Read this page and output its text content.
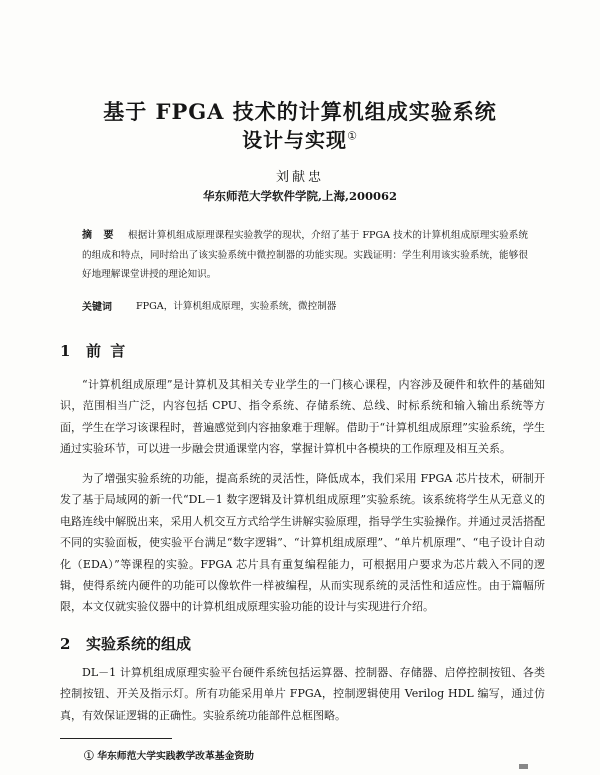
基于 FPGA 技术的计算机组成实验系统
设计与实现①
刘献忠
华东师范大学软件学院,上海,200062
摘 要	根据计算机组成原理课程实验教学的现状，介绍了基于 FPGA 技术的计算机组成原理实验系统的组成和特点，同时给出了该实验系统中微控制器的功能实现。实践证明：学生利用该实验系统，能够很好地理解课堂讲授的理论知识。
关键词	FPGA，计算机组成原理，实验系统，微控制器
1 前 言
“计算机组成原理”是计算机及其相关专业学生的一门核心课程，内容涉及硬件和软件的基础知识，范围相当广泛，内容包括 CPU、指令系统、存储系统、总线、时标系统和输入输出系统等方面，学生在学习该课程时，普遍感觉到内容抽象难于理解。借助于“计算机组成原理”实验系统，学生通过实验环节，可以进一步融会贯通课堂内容，掌握计算机中各模块的工作原理及相互关系。
为了增强实验系统的功能，提高系统的灵活性，降低成本，我们采用 FPGA 芯片技术，研制开发了基于局域网的新一代“DL－1 数字逻辑及计算机组成原理”实验系统。该系统将学生从无意义的电路连线中解脱出来，采用人机交互方式给学生讲解实验原理，指导学生实验操作。并通过灵活搭配不同的实验面板，使实验平台满足“数字逻辑”、“计算机组成原理”、“单片机原理”、“电子设计自动化（EDA）”等课程的实验。FPGA 芯片具有重复编程能力，可根据用户要求为芯片载入不同的逻辑，使得系统内硬件的功能可以像软件一样被编程，从而实现系统的灵活性和适应性。由于篇幅所限，本文仅就实验仪器中的计算机组成原理实验功能的设计与实现进行介绍。
2 实验系统的组成
DL－1 计算机组成原理实验平台硬件系统包括运算器、控制器、存储器、启停控制按钮、各类控制按钮、开关及指示灯。所有功能采用单片 FPGA，控制逻辑使用 Verilog HDL 编写，通过仿真，有效保证逻辑的正确性。实验系统功能部件总框图略。
① 华东师范大学实践教学改革基金资助
